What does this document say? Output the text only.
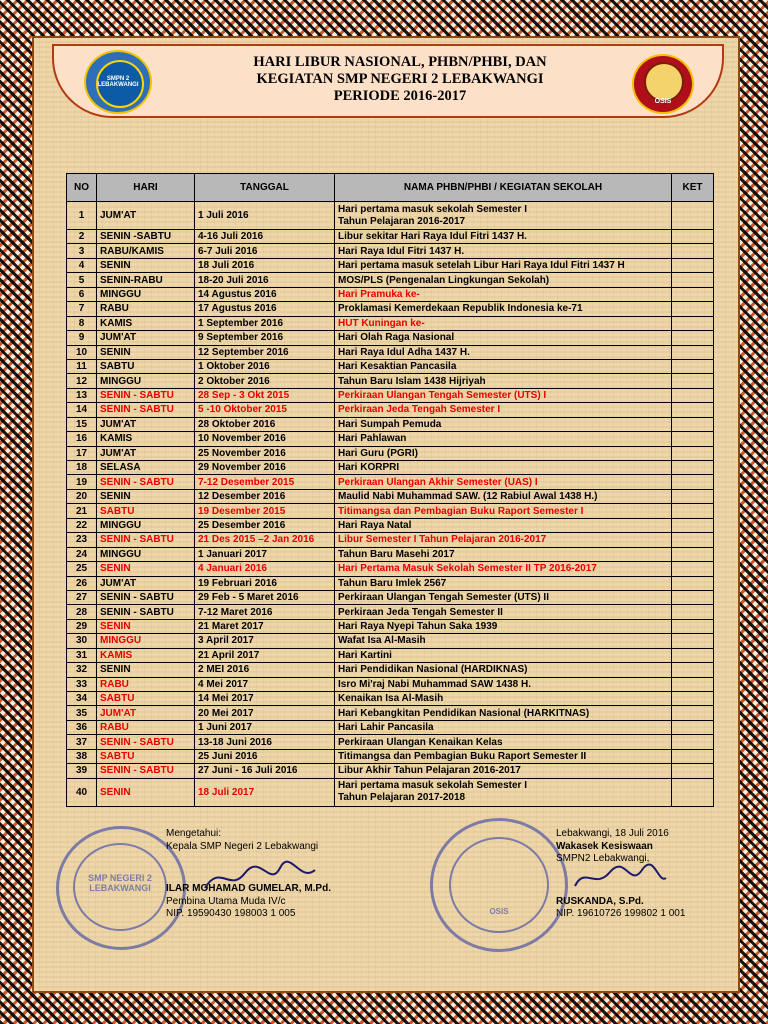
SMPN 2 LEBAKWANGI
OSIS
HARI LIBUR NASIONAL, PHBN/PHBI, DAN
KEGIATAN SMP NEGERI 2 LEBAKWANGI
PERIODE 2016-2017
NO	HARI	TANGGAL	NAMA PHBN/PHBI / KEGIATAN SEKOLAH	KET
1	JUM'AT	1 Juli 2016	Hari pertama masuk sekolah Semester I
Tahun Pelajaran 2016-2017	

2	SENIN -SABTU	4-16 Juli 2016	Libur sekitar Hari Raya Idul Fitri 1437 H.	
3	RABU/KAMIS	6-7 Juli 2016	Hari Raya Idul Fitri 1437 H.	
4	SENIN	18 Juli 2016	Hari pertama masuk setelah Libur Hari Raya Idul Fitri 1437 H	
5	SENIN-RABU	18-20 Juli 2016	MOS/PLS (Pengenalan Lingkungan Sekolah)	
6	MINGGU	14 Agustus 2016	Hari Pramuka ke-	
7	RABU	17 Agustus 2016	Proklamasi Kemerdekaan Republik Indonesia ke-71	
8	KAMIS	1 September 2016	HUT Kuningan ke-	
9	JUM'AT	9 September 2016	Hari Olah Raga Nasional	
10	SENIN	12 September 2016	Hari Raya Idul Adha 1437 H.	
11	SABTU	1 Oktober 2016	Hari Kesaktian Pancasila	
12	MINGGU	2 Oktober 2016	Tahun Baru Islam 1438 Hijriyah	
13	SENIN - SABTU	28 Sep - 3 Okt 2015	Perkiraan Ulangan Tengah Semester (UTS) I	
14	SENIN - SABTU	5 -10 Oktober 2015	Perkiraan Jeda Tengah Semester I	
15	JUM'AT	28 Oktober 2016	Hari Sumpah Pemuda	
16	KAMIS	10 November 2016	Hari Pahlawan	
17	JUM'AT	25 November 2016	Hari Guru (PGRI)	
18	SELASA	29 November 2016	Hari KORPRI	
19	SENIN - SABTU	7-12 Desember 2015	Perkiraan Ulangan Akhir Semester (UAS) I	
20	SENIN	12 Desember 2016	Maulid Nabi Muhammad SAW. (12 Rabiul Awal 1438 H.)	
21	SABTU	19 Desember 2015	Titimangsa dan Pembagian Buku Raport Semester I	
22	MINGGU	25 Desember 2016	Hari Raya Natal	
23	SENIN - SABTU	21 Des 2015 –2 Jan 2016	Libur Semester I Tahun Pelajaran 2016-2017	
24	MINGGU	1 Januari 2017	Tahun Baru Masehi 2017	
25	SENIN	4 Januari 2016	Hari Pertama Masuk Sekolah Semester II TP 2016-2017	
26	JUM'AT	19 Februari 2016	Tahun Baru Imlek 2567	
27	SENIN - SABTU	29 Feb - 5 Maret 2016	Perkiraan Ulangan Tengah Semester (UTS) II	
28	SENIN - SABTU	7-12 Maret 2016	Perkiraan Jeda Tengah Semester II	
29	SENIN	21 Maret 2017	Hari Raya Nyepi Tahun Saka 1939	
30	MINGGU	3 April 2017	Wafat Isa Al-Masih	
31	KAMIS	21 April 2017	Hari Kartini	
32	SENIN	2 MEI 2016	Hari Pendidikan Nasional (HARDIKNAS)	
33	RABU	4 Mei 2017	Isro Mi'raj Nabi Muhammad SAW 1438 H.	
34	SABTU	14 Mei 2017	Kenaikan Isa Al-Masih	
35	JUM'AT	20 Mei 2017	Hari Kebangkitan Pendidikan Nasional (HARKITNAS)	
36	RABU	1 Juni 2017	Hari Lahir Pancasila	
37	SENIN - SABTU	13-18 Juni 2016	Perkiraan Ulangan Kenaikan Kelas	
38	SABTU	25 Juni 2016	Titimangsa dan Pembagian Buku Raport Semester II	
39	SENIN - SABTU	27 Juni - 16 Juli 2016	Libur Akhir Tahun Pelajaran 2016-2017	
40	SENIN	18 Juli 2017	Hari pertama masuk sekolah Semester I
Tahun Pelajaran 2017-2018	

SMP NEGERI 2
LEBAKWANGI
OSIS
Mengetahui:
Kepala SMP Negeri 2 Lebakwangi
ILAR MOHAMAD GUMELAR, M.Pd.
Pembina Utama Muda IV/c
NIP. 19590430 198003 1 005
Lebakwangi, 18 Juli 2016
Wakasek Kesiswaan
SMPN2 Lebakwangi,
RUSKANDA, S.Pd.
NIP. 19610726 199802 1 001
